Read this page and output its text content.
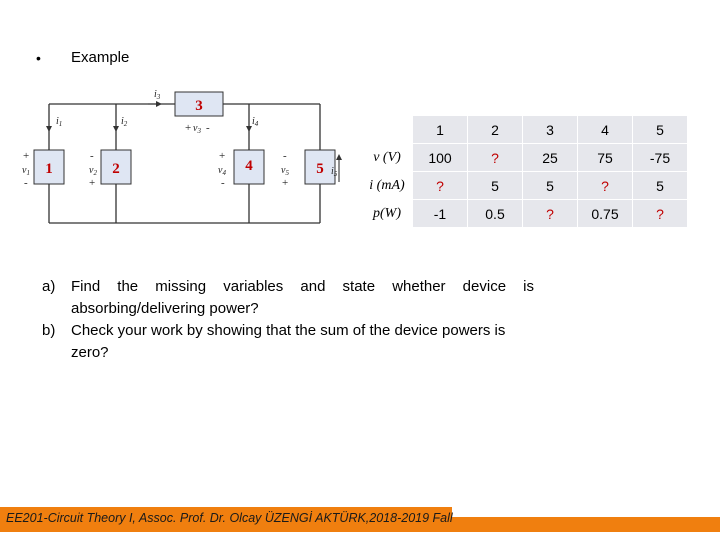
• Example
1	2
3
4	5
$i_1$	$i_2$
$i_3$
$i_4$
$i_5$
+
$v_1$
-
-
$v_2$
+
+ $v_3$ -
+
$v_4$
-
-
$v_5$
+
	1	2	3	4	5
v (V)	100	?	25	75	-75
i (mA)	?	5	5	?	5
p(W)	-1	0.5	?	0.75	?
a)	Find the missing variables and state whether device is absorbing/delivering power?
b)	Check your work by showing that the sum of the device powers is zero?
EE201-Circuit Theory I, Assoc. Prof. Dr. Olcay ÜZENGİ AKTÜRK,2018-2019 Fall
